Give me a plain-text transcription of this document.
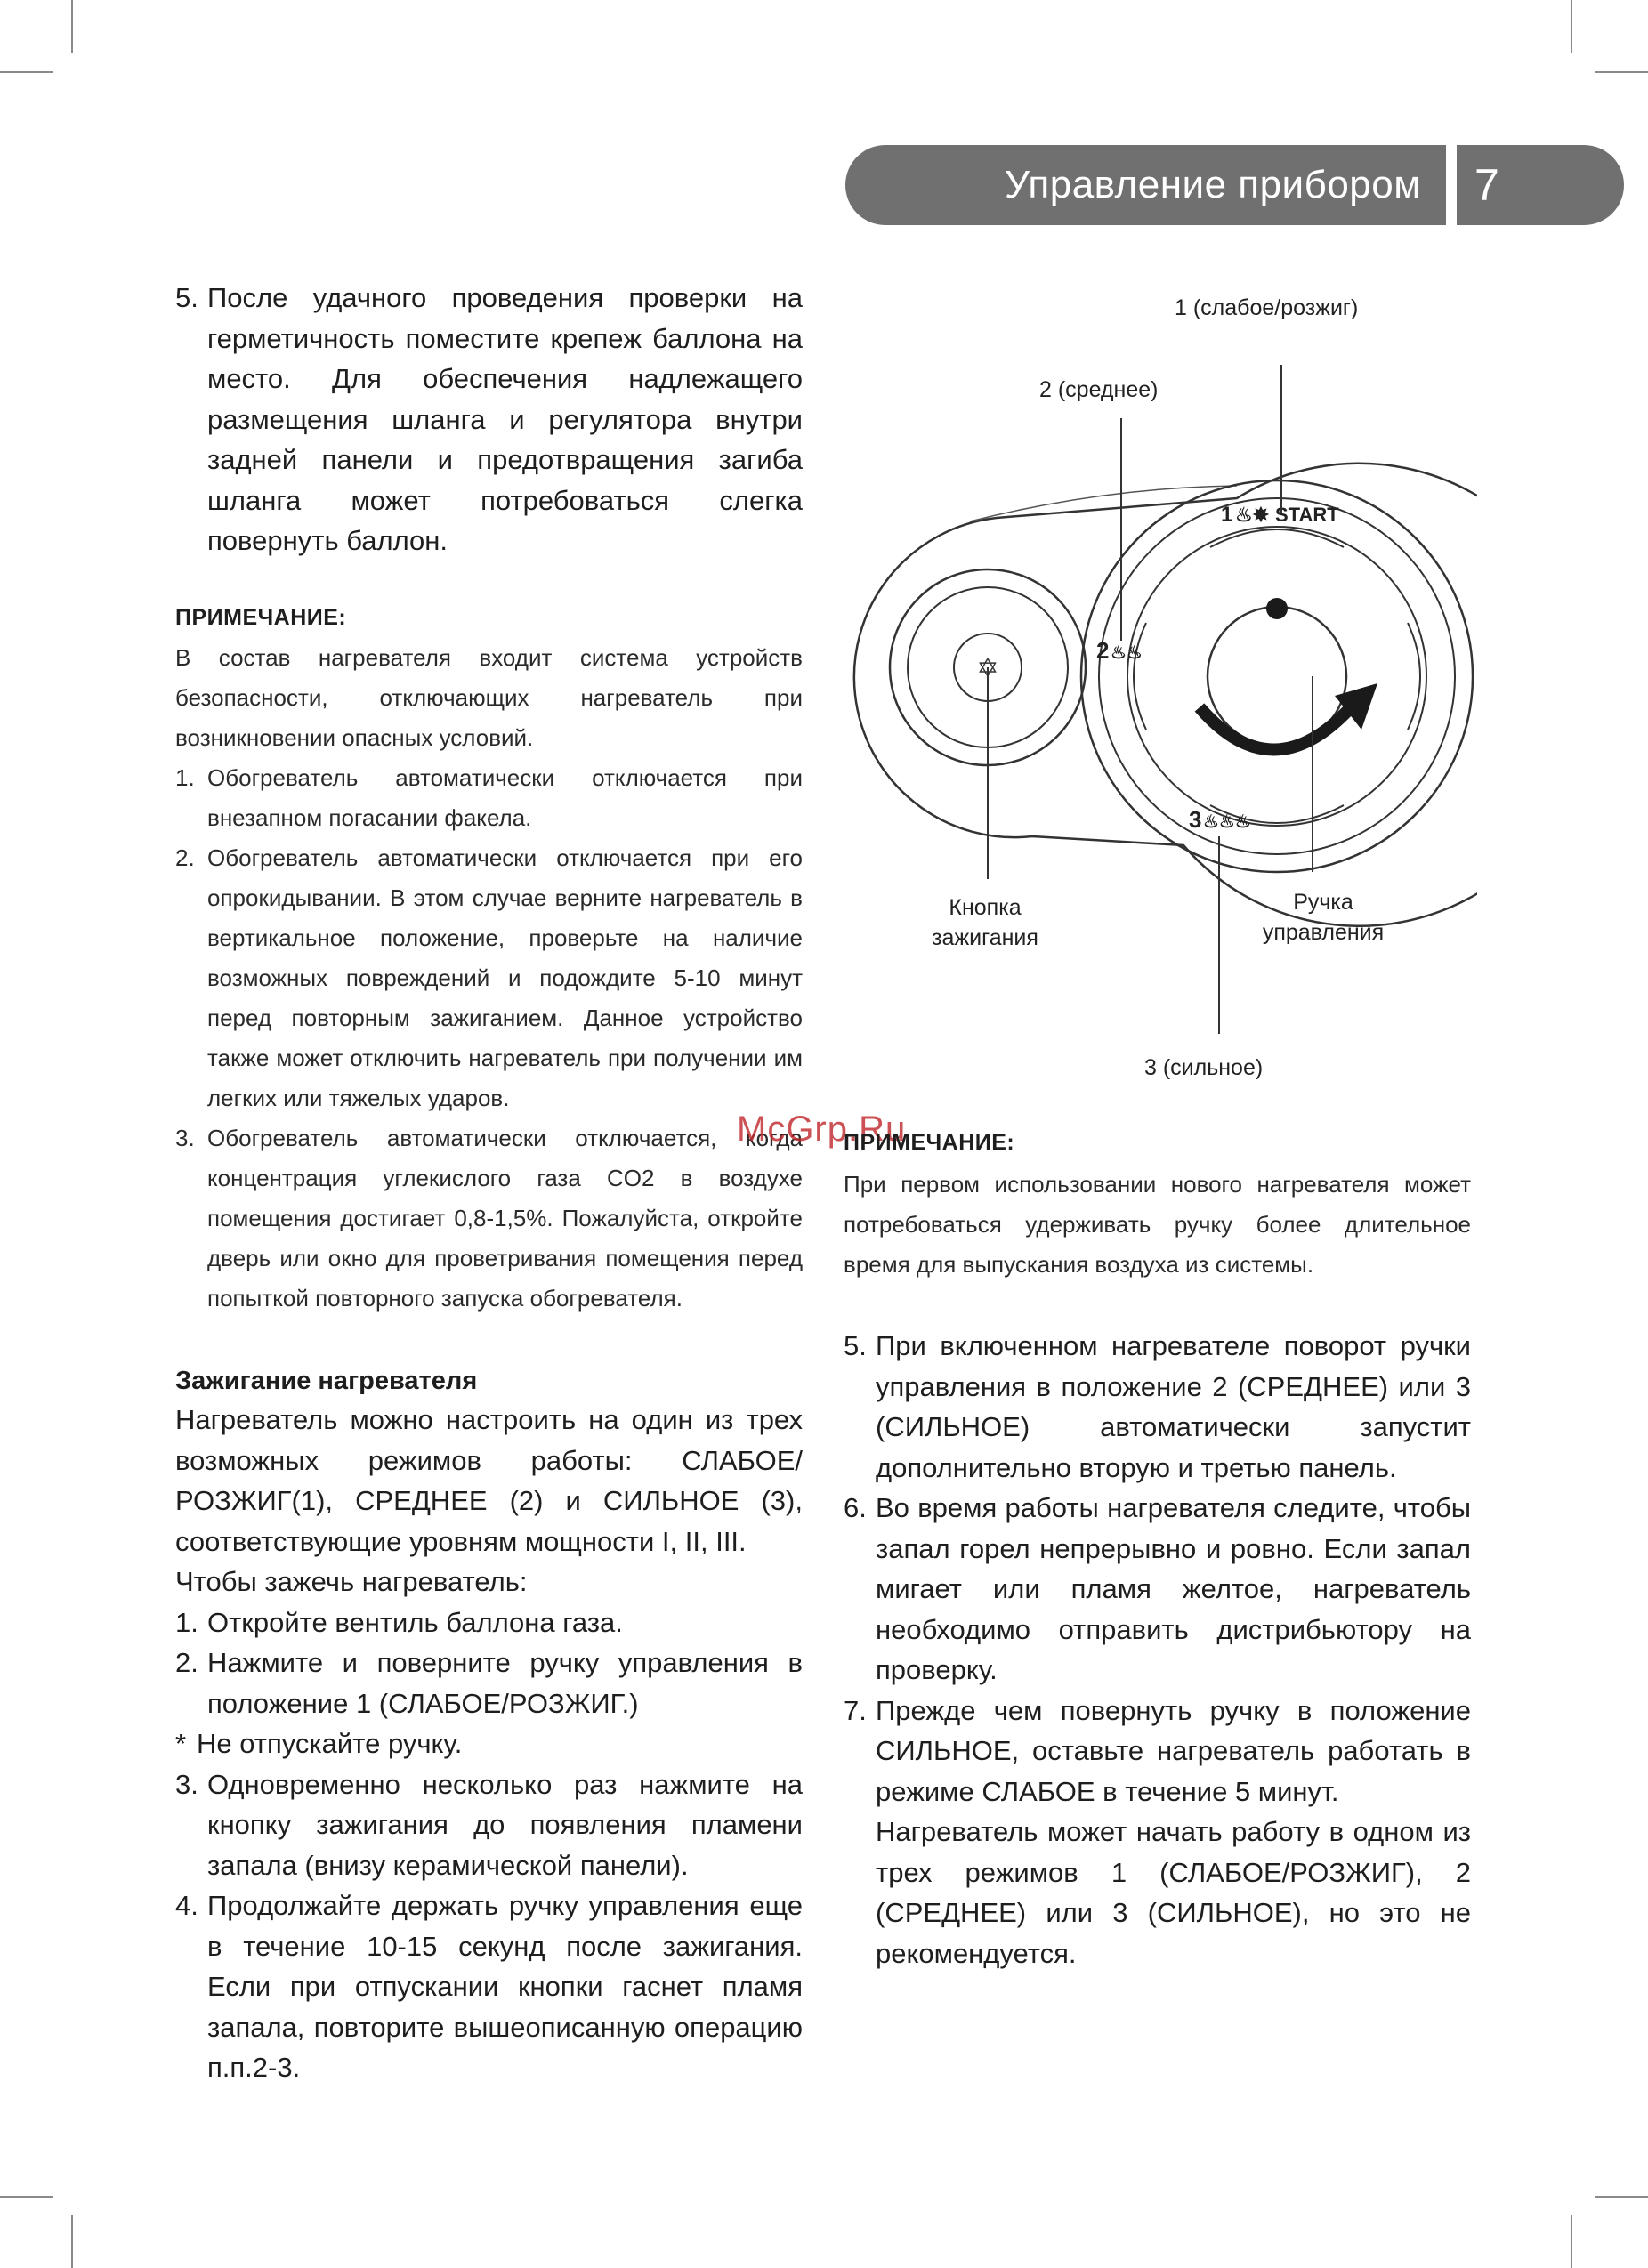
Управление прибором	7
5. После удачного проведения проверки на герметичность поместите крепеж баллона на место. Для обеспечения надлежащего размещения шланга и регулятора внутри задней панели и предотвращения загиба шланга может потребоваться слегка повернуть баллон.

ПРИМЕЧАНИЕ:

В состав нагревателя входит система устройств безопасности, отключающих нагреватель при возникновении опасных условий.

1. Обогреватель автоматически отключается при внезапном погасании факела.
2. Обогреватель автоматически отключается при его опрокидывании. В этом случае верните нагреватель в вертикальное положение, проверьте на наличие возможных повреждений и подождите 5-10 минут перед повторным зажиганием. Данное устройство также может отключить нагреватель при получении им легких или тяжелых ударов.
3. Обогреватель автоматически отключается, когда концентрация углекислого газа CO2 в воздухе помещения достигает 0,8-1,5%. Пожалуйста, откройте дверь или окно для проветривания помещения перед попыткой повторного запуска обогревателя.

Зажигание нагревателя

Нагреватель можно настроить на один из трех возможных режимов работы: СЛАБОЕ/РОЗЖИГ(1), СРЕДНЕЕ (2) и СИЛЬНОЕ (3), соответствующие уровням мощности I, II, III.

Чтобы зажечь нагреватель:

1. Откройте вентиль баллона газа.
2. Нажмите и поверните ручку управления в положение 1 (СЛАБОЕ/РОЗЖИГ.)
* Не отпускайте ручку.
3. Одновременно несколько раз нажмите на кнопку зажигания до появления пламени запала (внизу керамической панели).
4. Продолжайте держать ручку управления еще в течение 10-15 секунд после зажигания. Если при отпускании кнопки гаснет пламя запала, повторите вышеописанную операцию п.п.2-3.
✡
1 ♨✸ START
2 ♨♨
3 ♨♨♨
1 (слабое/розжиг)
2 (среднее)
3 (сильное)
Кнопка
зажигания
Ручка
управления
McGrp.Ru

ПРИМЕЧАНИЕ:

При первом использовании нового нагревателя может потребоваться удерживать ручку более длительное время для выпускания воздуха из системы.

5. При включенном нагревателе поворот ручки управления в положение 2 (СРЕДНЕЕ) или 3 (СИЛЬНОЕ) автоматически запустит дополнительно вторую и третью панель.
6. Во время работы нагревателя следите, чтобы запал горел непрерывно и ровно. Если запал мигает или пламя желтое, нагреватель необходимо отправить дистрибьютору на проверку.
7. Прежде чем повернуть ручку в положение СИЛЬНОЕ, оставьте нагреватель работать в режиме СЛАБОЕ в течение 5 минут.
Нагреватель может начать работу в одном из трех режимов 1 (СЛАБОЕ/РОЗЖИГ), 2 (СРЕДНЕЕ) или 3 (СИЛЬНОЕ), но это не рекомендуется.
